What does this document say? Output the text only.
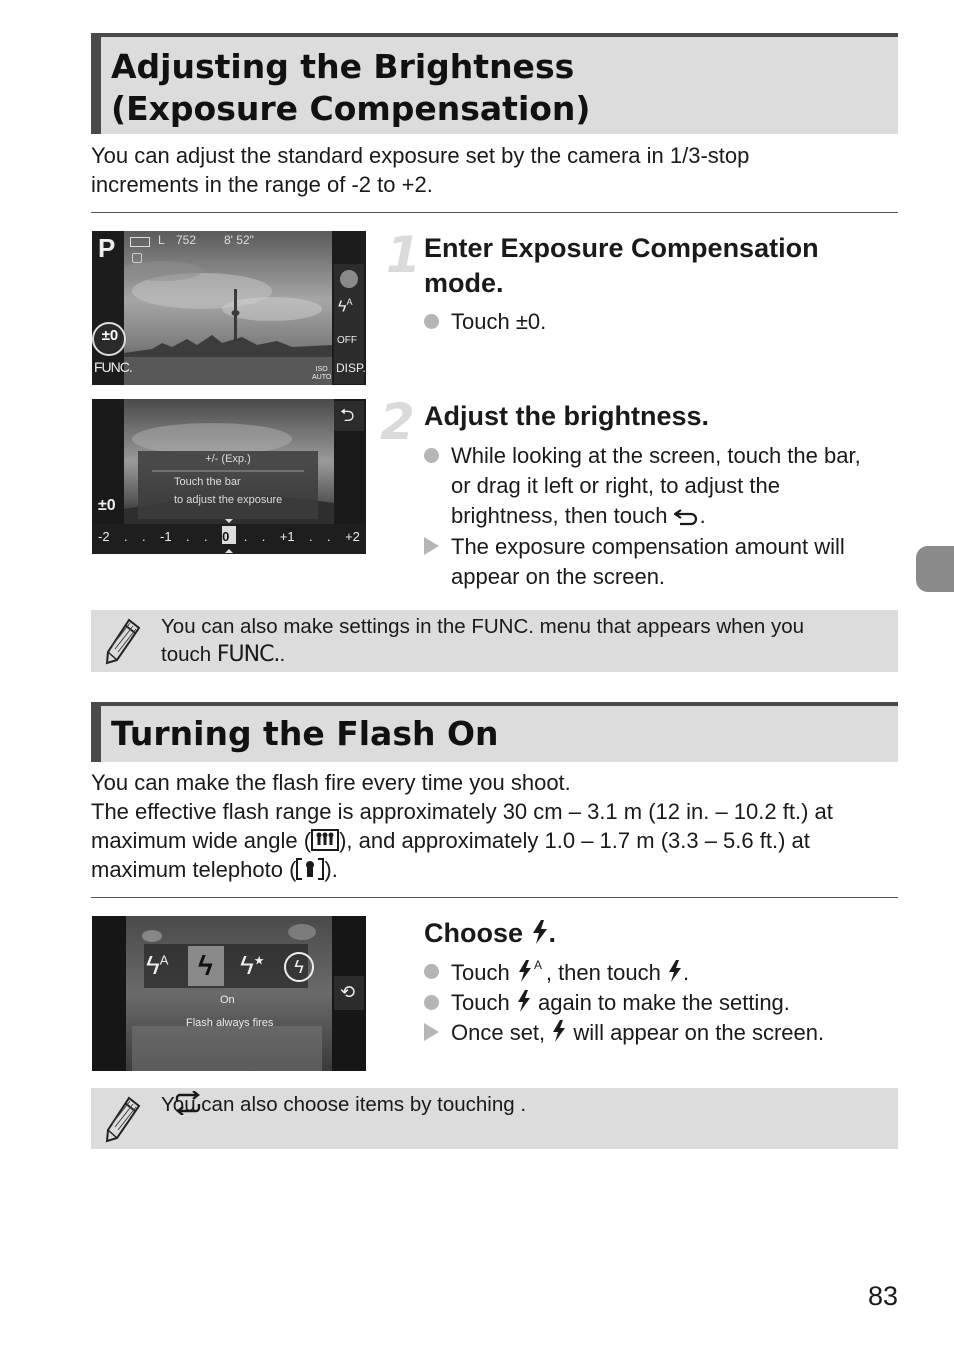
Adjusting the Brightness
(Exposure Compensation)
You can adjust the standard exposure set by the camera in 1/3-stop
increments in the range of -2 to +2.
P	L 752 8' 52"
±0
FUNC.
$ϟ^A$
OFF
DISP.
ISO
AUTO
1 Enter Exposure Compensation mode.
Touch ±0.
⮌
+/- (Exp.)
Touch the bar
to adjust the exposure
±0
-2 . . -1 . . 0 . . +1 . . +2
2 Adjust the brightness.
While looking at the screen, touch the bar,
or drag it left or right, to adjust the
brightness, then touch .
The exposure compensation amount will
appear on the screen.
You can also make settings in the FUNC. menu that appears when you
touch FUNC..
Turning the Flash On
You can make the flash fire every time you shoot.
The effective flash range is approximately 30 cm – 3.1 m (12 in. – 10.2 ft.) at
maximum wide angle ( ), and approximately 1.0 – 1.7 m (3.3 – 5.6 ft.) at
maximum telephoto ( ).
$ϟ^A$ ϟ ϟ★	ϟ
On
Flash always fires
⟲
Choose .
Touch A , then touch .
Touch again to make the setting.
Once set, will appear on the screen.
You can also choose items by touching .
83
